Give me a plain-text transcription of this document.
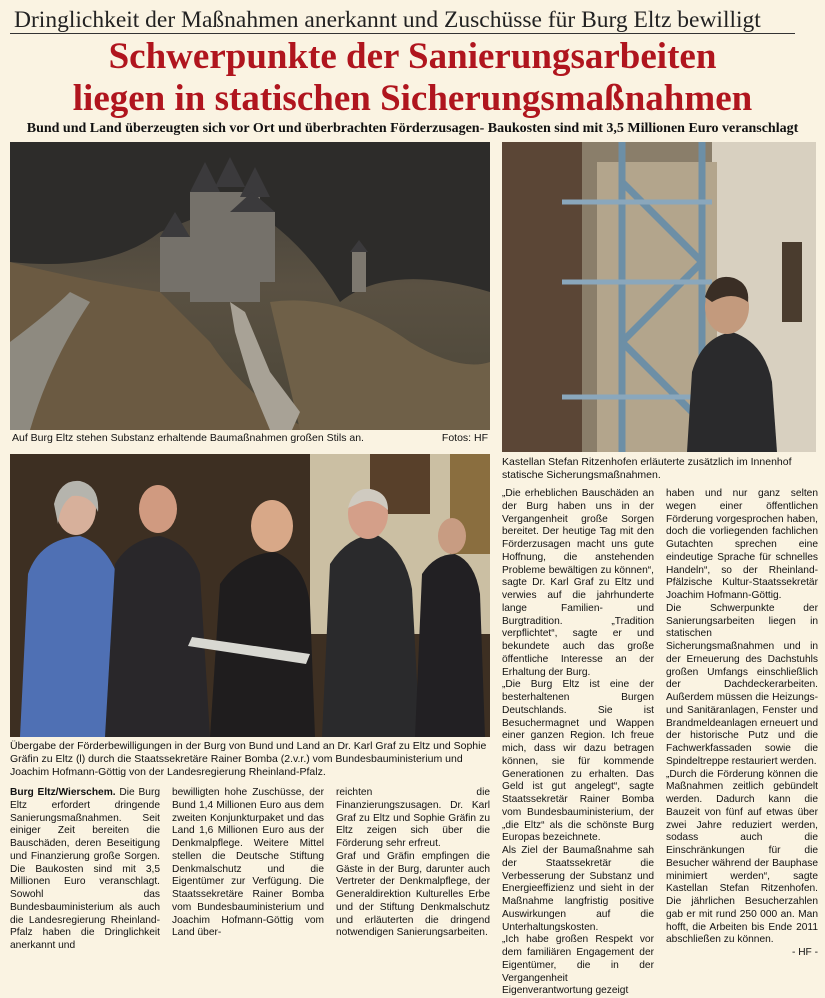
Dringlichkeit der Maßnahmen anerkannt und Zuschüsse für Burg Eltz bewilligt
Schwerpunkte der Sanierungsarbeiten
liegen in statischen Sicherungsmaßnahmen
Bund und Land überzeugten sich vor Ort und überbrachten Förderzusagen- Baukosten sind mit 3,5 Millionen Euro veranschlagt
Auf Burg Eltz stehen Substanz erhaltende Baumaßnahmen großen Stils an.	Fotos: HF
Kastellan Stefan Ritzenhofen erläuterte zusätzlich im Innenhof statische Sicherungsmaßnahmen.
Übergabe der Förderbewilligungen in der Burg von Bund und Land an Dr. Karl Graf zu Eltz und Sophie Gräfin zu Eltz (l) durch die Staatssekretäre Rainer Bomba (2.v.r.) vom Bundesbauministerium und Joachim Hofmann-Göttig von der Landesregierung Rheinland-Pfalz.

Burg Eltz/Wierschem. Die Burg Eltz erfordert dringende Sanierungsmaßnahmen. Seit einiger Zeit bereiten die Bauschäden, deren Beseitigung und Finanzierung große Sorgen. Die Baukosten sind mit 3,5 Millionen Euro veranschlagt. Sowohl das Bundesbauministerium als auch die Landesregierung Rheinland-Pfalz haben die Dringlichkeit anerkannt und

bewilligten hohe Zuschüsse, der Bund 1,4 Millionen Euro aus dem zweiten Konjunkturpaket und das Land 1,6 Millionen Euro aus der Denkmalpflege. Weitere Mittel stellen die Deutsche Stiftung Denkmalschutz und die Eigentümer zur Verfügung. Die Staatssekretäre Rainer Bomba vom Bundesbauministerium und Joachim Hofmann-Göttig vom Land über-

reichten die Finanzierungszusagen. Dr. Karl Graf zu Eltz und Sophie Gräfin zu Eltz zeigen sich über die Förderung sehr erfreut.

Graf und Gräfin empfingen die Gäste in der Burg, darunter auch Vertreter der Denkmalpflege, der Generaldirektion Kulturelles Erbe und der Stiftung Denkmalschutz und erläuterten die dringend notwendigen Sanierungsarbeiten.

„Die erheblichen Bauschäden an der Burg haben uns in der Vergangenheit große Sorgen bereitet. Der heutige Tag mit den Förderzusagen macht uns gute Hoffnung, die anstehenden Probleme bewältigen zu können“, sagte Dr. Karl Graf zu Eltz und verwies auf die jahrhunderte lange Familien- und Burgtradition. „Tradition verpflichtet“, sagte er und bekundete auch das große öffentliche Interesse an der Erhaltung der Burg.

„Die Burg Eltz ist eine der besterhaltenen Burgen Deutschlands. Sie ist Besuchermagnet und Wappen einer ganzen Region. Ich freue mich, dass wir dazu betragen können, sie für kommende Generationen zu erhalten. Das Geld ist gut angelegt“, sagte Staatssekretär Rainer Bomba vom Bundesbauministerium, der „die Eltz“ als die schönste Burg Europas bezeichnete.

Als Ziel der Baumaßnahme sah der Staatssekretär die Verbesserung der Substanz und Energieeffizienz und sieht in der Maßnahme langfristig positive Auswirkungen auf die Unterhaltungskosten.

„Ich habe großen Respekt vor dem familiären Engagement der Eigentümer, die in der Vergangenheit Eigenverantwortung gezeigt

haben und nur ganz selten wegen einer öffentlichen Förderung vorgesprochen haben, doch die vorliegenden fachlichen Gutachten sprechen eine eindeutige Sprache für schnelles Handeln“, so der Rheinland-Pfälzische Kultur-Staatssekretär Joachim Hofmann-Göttig.

Die Schwerpunkte der Sanierungsarbeiten liegen in statischen Sicherungsmaßnahmen und in der Erneuerung des Dachstuhls großen Umfangs einschließlich der Dachdeckerarbeiten. Außerdem müssen die Heizungs- und Sanitäranlagen, Fenster und Brandmeldeanlagen erneuert und der historische Putz und die Fachwerkfassaden sowie die Spindeltreppe restauriert werden.

„Durch die Förderung können die Maßnahmen zeitlich gebündelt werden. Dadurch kann die Bauzeit von fünf auf etwas über zwei Jahre reduziert werden, sodass auch die Einschränkungen für die Besucher während der Bauphase minimiert werden“, sagte Kastellan Stefan Ritzenhofen. Die jährlichen Besucherzahlen gab er mit rund 250 000 an. Man hofft, die Arbeiten bis Ende 2011 abschließen zu können.

- HF -
